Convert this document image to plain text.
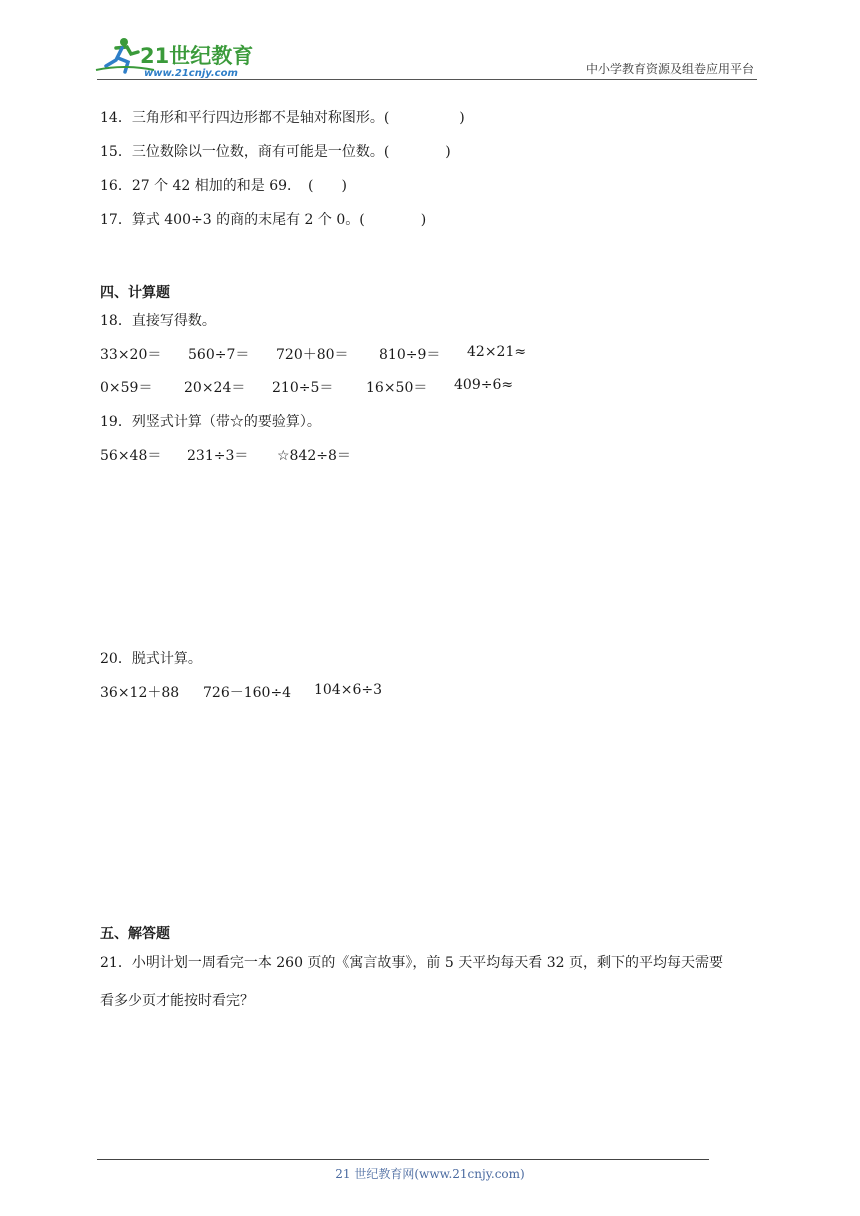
21世纪教育
www.21cnjy.com	中小学教育资源及组卷应用平台
14．三角形和平行四边形都不是轴对称图形。(　　　　　)
15．三位数除以一位数，商有可能是一位数。(　　　　)
16．27 个 42 相加的和是 69．　(　　)
17．算式 400÷3 的商的末尾有 2 个 0。(　　　　)
四、计算题
18．直接写得数。
33×20＝	560÷7＝	720＋80＝	810÷9＝	42×21≈
0×59＝	20×24＝	210÷5＝	16×50＝	409÷6≈
19．列竖式计算（带☆的要验算）。
56×48＝	231÷3＝	☆842÷8＝
20．脱式计算。
36×12＋88	726－160÷4	104×6÷3
五、解答题
21．小明计划一周看完一本 260 页的《寓言故事》，前 5 天平均每天看 32 页，剩下的平均每天需要
看多少页才能按时看完？
21 世纪教育网(www.21cnjy.com)
